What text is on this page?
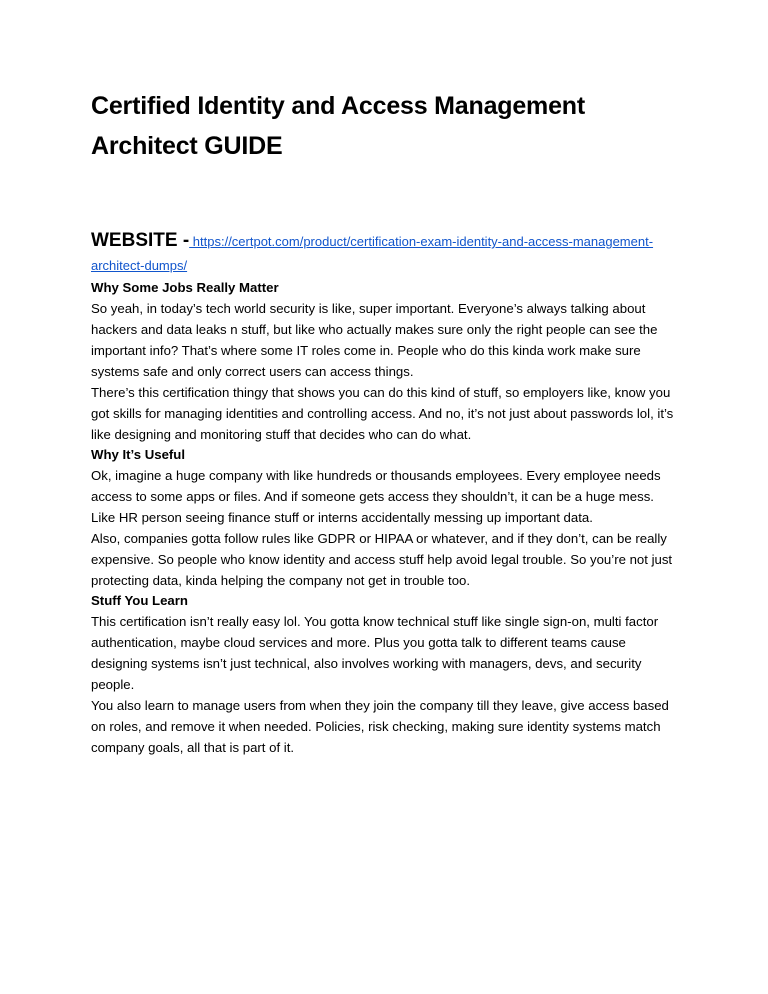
Certified Identity and Access Management Architect GUIDE
WEBSITE - https://certpot.com/product/certification-exam-identity-and-access-management-architect-dumps/
Why Some Jobs Really Matter

So yeah, in today’s tech world security is like, super important. Everyone’s always talking about hackers and data leaks n stuff, but like who actually makes sure only the right people can see the important info? That’s where some IT roles come in. People who do this kinda work make sure systems safe and only correct users can access things.

There’s this certification thingy that shows you can do this kind of stuff, so employers like, know you got skills for managing identities and controlling access. And no, it’s not just about passwords lol, it’s like designing and monitoring stuff that decides who can do what.

Why It’s Useful

Ok, imagine a huge company with like hundreds or thousands employees. Every employee needs access to some apps or files. And if someone gets access they shouldn’t, it can be a huge mess. Like HR person seeing finance stuff or interns accidentally messing up important data.

Also, companies gotta follow rules like GDPR or HIPAA or whatever, and if they don’t, can be really expensive. So people who know identity and access stuff help avoid legal trouble. So you’re not just protecting data, kinda helping the company not get in trouble too.

Stuff You Learn

This certification isn’t really easy lol. You gotta know technical stuff like single sign-on, multi factor authentication, maybe cloud services and more. Plus you gotta talk to different teams cause designing systems isn’t just technical, also involves working with managers, devs, and security people.

You also learn to manage users from when they join the company till they leave, give access based on roles, and remove it when needed. Policies, risk checking, making sure identity systems match company goals, all that is part of it.
